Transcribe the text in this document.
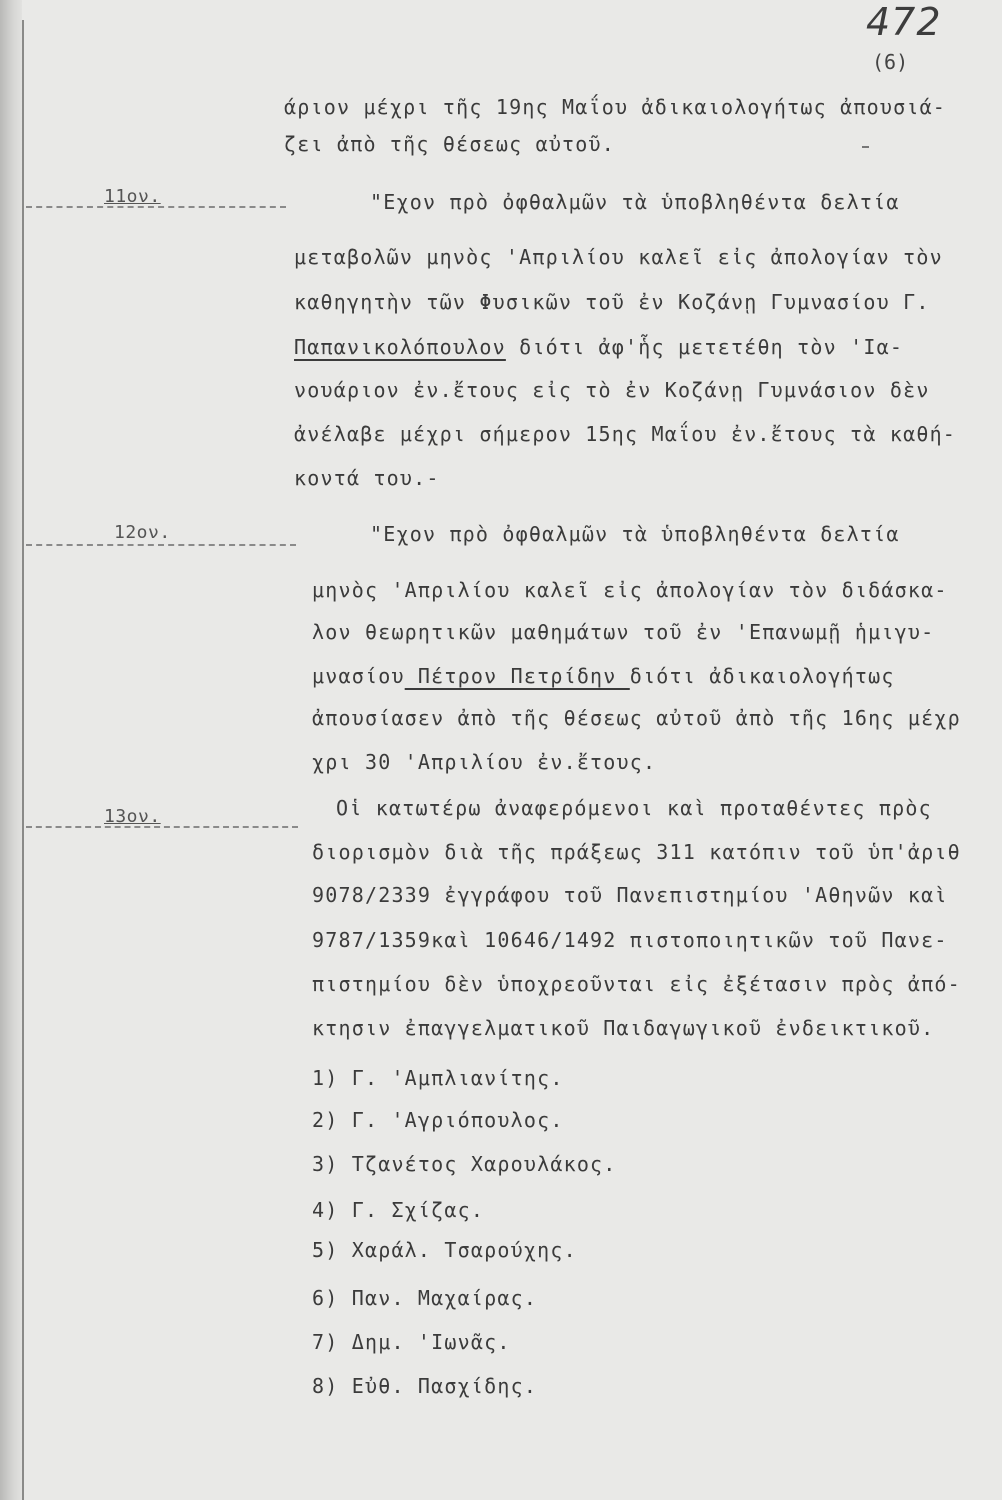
472
(6)
άριον μέχρι τῆς 19ης Μαΐου ἀδικαιολογήτως ἀπουσιά-
ζει ἀπὸ τῆς θέσεως αὐτοῦ.
11ον.	"Εχον πρὸ ὀφθαλμῶν τὰ ὑποβληθέντα δελτία
μεταβολῶν μηνὸς 'Απριλίου καλεῖ εἰς ἀπολογίαν τὸν
καθηγητὴν τῶν Φυσικῶν τοῦ ἐν Κοζάνῃ Γυμνασίου Γ.
Παπανικολόπουλον διότι ἀφ'ἧς μετετέθη τὸν 'Ια-
νουάριον ἐν.ἔτους εἰς τὸ ἐν Κοζάνῃ Γυμνάσιον δὲν
ἀνέλαβε μέχρι σήμερον 15ης Μαΐου ἐν.ἔτους τὰ καθή-
κοντά του.-
12ον.	"Εχον πρὸ ὀφθαλμῶν τὰ ὑποβληθέντα δελτία
μηνὸς 'Απριλίου καλεῖ εἰς ἀπολογίαν τὸν διδάσκα-
λον θεωρητικῶν μαθημάτων τοῦ ἐν 'Επανωμῇ ἡμιγυ-
μνασίου Πέτρον Πετρίδην διότι ἀδικαιολογήτως
ἀπουσίασεν ἀπὸ τῆς θέσεως αὐτοῦ ἀπὸ τῆς 16ης μέχρ
χρι 30 'Απριλίου ἐν.ἔτους.
13ον.	Οἱ κατωτέρω ἀναφερόμενοι καὶ προταθέντες πρὸς
διορισμὸν διὰ τῆς πράξεως 311 κατόπιν τοῦ ὑπ'ἀριθ
9078/2339 ἐγγράφου τοῦ Πανεπιστημίου 'Αθηνῶν καὶ
9787/1359καὶ 10646/1492 πιστοποιητικῶν τοῦ Πανε-
πιστημίου δὲν ὑποχρεοῦνται εἰς ἐξέτασιν πρὸς ἀπό-
κτησιν ἐπαγγελματικοῦ Παιδαγωγικοῦ ἐνδεικτικοῦ.
1) Γ. 'Αμπλιανίτης.
2) Γ. 'Αγριόπουλος.
3) Τζανέτος Χαρουλάκος.
4) Γ. Σχίζας.
5) Χαράλ. Τσαρούχης.
6) Παν. Μαχαίρας.
7) Δημ. 'Ιωνᾶς.
8) Εὐθ. Πασχίδης.
